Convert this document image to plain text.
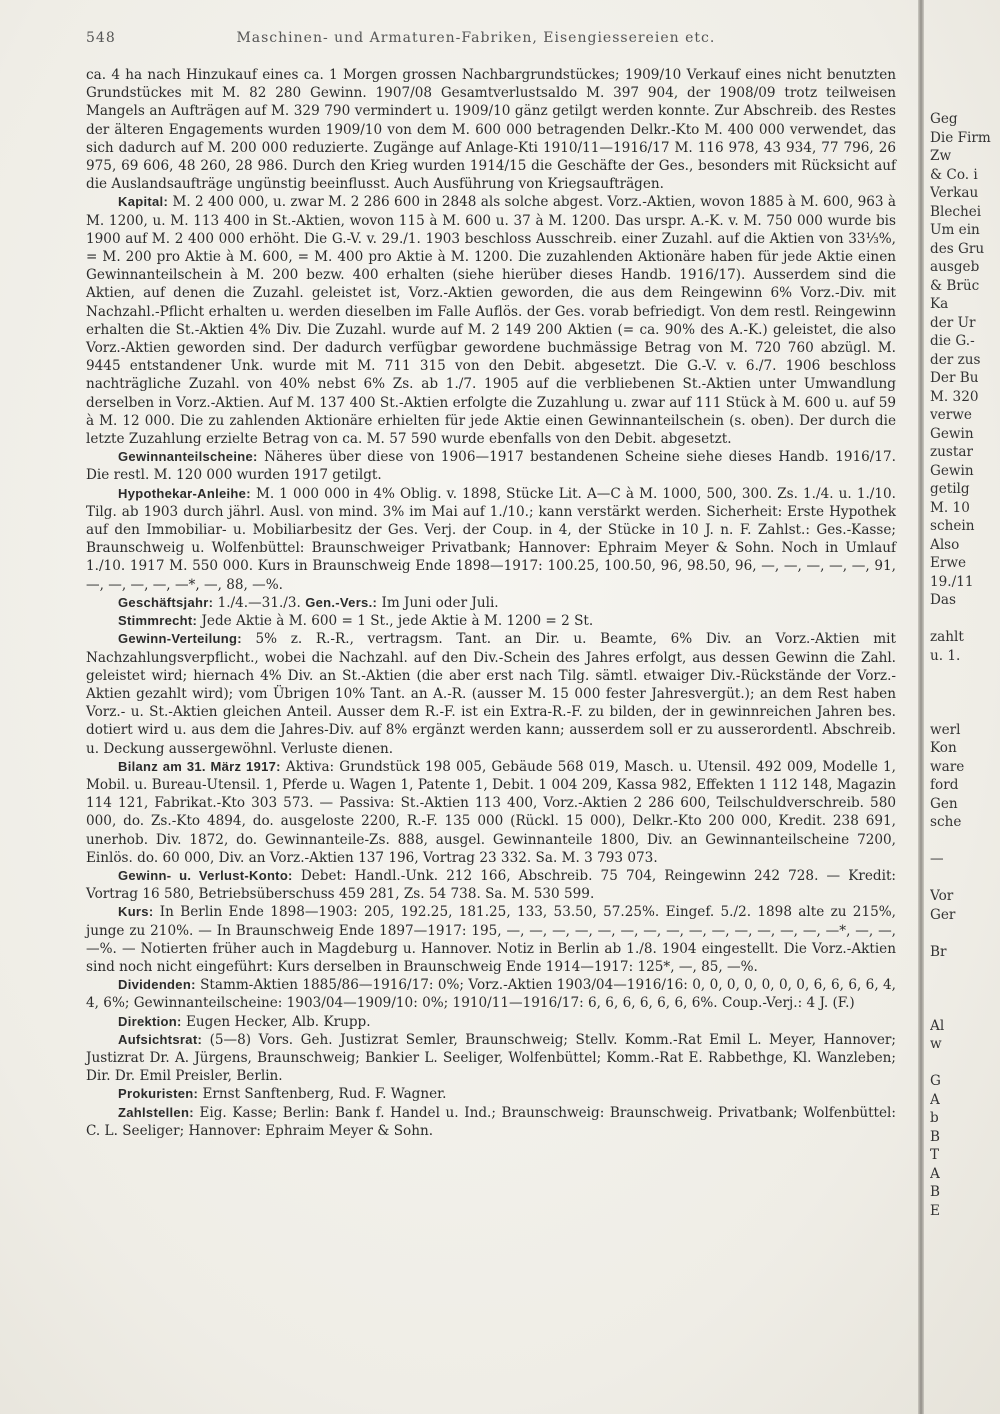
548	Maschinen- und Armaturen-Fabriken, Eisengiessereien etc.

ca. 4 ha nach Hinzukauf eines ca. 1 Morgen grossen Nachbargrundstückes; 1909/10 Verkauf eines nicht benutzten Grundstückes mit M. 82 280 Gewinn. 1907/08 Gesamtverlustsaldo M. 397 904, der 1908/09 trotz teilweisen Mangels an Aufträgen auf M. 329 790 vermindert u. 1909/10 gänz getilgt werden konnte. Zur Abschreib. des Restes der älteren Engagements wurden 1909/10 von dem M. 600 000 betragenden Delkr.-Kto M. 400 000 verwendet, das sich dadurch auf M. 200 000 reduzierte. Zugänge auf Anlage-Kti 1910/11—1916/17 M. 116 978, 43 934, 77 796, 26 975, 69 606, 48 260, 28 986. Durch den Krieg wurden 1914/15 die Geschäfte der Ges., besonders mit Rücksicht auf die Auslandsaufträge ungünstig beeinflusst. Auch Ausführung von Kriegsaufträgen.

Kapital: M. 2 400 000, u. zwar M. 2 286 600 in 2848 als solche abgest. Vorz.-Aktien, wovon 1885 à M. 600, 963 à M. 1200, u. M. 113 400 in St.-Aktien, wovon 115 à M. 600 u. 37 à M. 1200. Das urspr. A.-K. v. M. 750 000 wurde bis 1900 auf M. 2 400 000 erhöht. Die G.-V. v. 29./1. 1903 beschloss Ausschreib. einer Zuzahl. auf die Aktien von 33⅓%, = M. 200 pro Aktie à M. 600, = M. 400 pro Aktie à M. 1200. Die zuzahlenden Aktionäre haben für jede Aktie einen Gewinnanteilschein à M. 200 bezw. 400 erhalten (siehe hierüber dieses Handb. 1916/17). Ausserdem sind die Aktien, auf denen die Zuzahl. geleistet ist, Vorz.-Aktien geworden, die aus dem Reingewinn 6% Vorz.-Div. mit Nachzahl.-Pflicht erhalten u. werden dieselben im Falle Auflös. der Ges. vorab befriedigt. Von dem restl. Reingewinn erhalten die St.-Aktien 4% Div. Die Zuzahl. wurde auf M. 2 149 200 Aktien (= ca. 90% des A.-K.) geleistet, die also Vorz.-Aktien geworden sind. Der dadurch verfügbar gewordene buchmässige Betrag von M. 720 760 abzügl. M. 9445 entstandener Unk. wurde mit M. 711 315 von den Debit. abgesetzt. Die G.-V. v. 6./7. 1906 beschloss nachträgliche Zuzahl. von 40% nebst 6% Zs. ab 1./7. 1905 auf die verbliebenen St.-Aktien unter Umwandlung derselben in Vorz.-Aktien. Auf M. 137 400 St.-Aktien erfolgte die Zuzahlung u. zwar auf 111 Stück à M. 600 u. auf 59 à M. 12 000. Die zu zahlenden Aktionäre erhielten für jede Aktie einen Gewinnanteilschein (s. oben). Der durch die letzte Zuzahlung erzielte Betrag von ca. M. 57 590 wurde ebenfalls von den Debit. abgesetzt.

Gewinnanteilscheine: Näheres über diese von 1906—1917 bestandenen Scheine siehe dieses Handb. 1916/17. Die restl. M. 120 000 wurden 1917 getilgt.

Hypothekar-Anleihe: M. 1 000 000 in 4% Oblig. v. 1898, Stücke Lit. A—C à M. 1000, 500, 300. Zs. 1./4. u. 1./10. Tilg. ab 1903 durch jährl. Ausl. von mind. 3% im Mai auf 1./10.; kann verstärkt werden. Sicherheit: Erste Hypothek auf den Immobiliar- u. Mobiliarbesitz der Ges. Verj. der Coup. in 4, der Stücke in 10 J. n. F. Zahlst.: Ges.-Kasse; Braunschweig u. Wolfenbüttel: Braunschweiger Privatbank; Hannover: Ephraim Meyer & Sohn. Noch in Umlauf 1./10. 1917 M. 550 000. Kurs in Braunschweig Ende 1898—1917: 100.25, 100.50, 96, 98.50, 96, —, —, —, —, —, 91, —, —, —, —, —*, —, 88, —%.

Geschäftsjahr: 1./4.—31./3. Gen.-Vers.: Im Juni oder Juli.

Stimmrecht: Jede Aktie à M. 600 = 1 St., jede Aktie à M. 1200 = 2 St.

Gewinn-Verteilung: 5% z. R.-R., vertragsm. Tant. an Dir. u. Beamte, 6% Div. an Vorz.-Aktien mit Nachzahlungsverpflicht., wobei die Nachzahl. auf den Div.-Schein des Jahres erfolgt, aus dessen Gewinn die Zahl. geleistet wird; hiernach 4% Div. an St.-Aktien (die aber erst nach Tilg. sämtl. etwaiger Div.-Rückstände der Vorz.-Aktien gezahlt wird); vom Übrigen 10% Tant. an A.-R. (ausser M. 15 000 fester Jahresvergüt.); an dem Rest haben Vorz.- u. St.-Aktien gleichen Anteil. Ausser dem R.-F. ist ein Extra-R.-F. zu bilden, der in gewinnreichen Jahren bes. dotiert wird u. aus dem die Jahres-Div. auf 8% ergänzt werden kann; ausserdem soll er zu ausserordentl. Abschreib. u. Deckung aussergewöhnl. Verluste dienen.

Bilanz am 31. März 1917: Aktiva: Grundstück 198 005, Gebäude 568 019, Masch. u. Utensil. 492 009, Modelle 1, Mobil. u. Bureau-Utensil. 1, Pferde u. Wagen 1, Patente 1, Debit. 1 004 209, Kassa 982, Effekten 1 112 148, Magazin 114 121, Fabrikat.-Kto 303 573. — Passiva: St.-Aktien 113 400, Vorz.-Aktien 2 286 600, Teilschuldverschreib. 580 000, do. Zs.-Kto 4894, do. ausgeloste 2200, R.-F. 135 000 (Rückl. 15 000), Delkr.-Kto 200 000, Kredit. 238 691, unerhob. Div. 1872, do. Gewinnanteile-Zs. 888, ausgel. Gewinnanteile 1800, Div. an Gewinnanteilscheine 7200, Einlös. do. 60 000, Div. an Vorz.-Aktien 137 196, Vortrag 23 332. Sa. M. 3 793 073.

Gewinn- u. Verlust-Konto: Debet: Handl.-Unk. 212 166, Abschreib. 75 704, Reingewinn 242 728. — Kredit: Vortrag 16 580, Betriebsüberschuss 459 281, Zs. 54 738. Sa. M. 530 599.

Kurs: In Berlin Ende 1898—1903: 205, 192.25, 181.25, 133, 53.50, 57.25%. Eingef. 5./2. 1898 alte zu 215%, junge zu 210%. — In Braunschweig Ende 1897—1917: 195, —, —, —, —, —, —, —, —, —, —, —, —, —, —, —*, —, —, —%. — Notierten früher auch in Magdeburg u. Hannover. Notiz in Berlin ab 1./8. 1904 eingestellt. Die Vorz.-Aktien sind noch nicht eingeführt: Kurs derselben in Braunschweig Ende 1914—1917: 125*, —, 85, —%.

Dividenden: Stamm-Aktien 1885/86—1916/17: 0%; Vorz.-Aktien 1903/04—1916/16: 0, 0, 0, 0, 0, 0, 0, 6, 6, 6, 6, 4, 4, 6%; Gewinnanteilscheine: 1903/04—1909/10: 0%; 1910/11—1916/17: 6, 6, 6, 6, 6, 6, 6%. Coup.-Verj.: 4 J. (F.)

Direktion: Eugen Hecker, Alb. Krupp.

Aufsichtsrat: (5—8) Vors. Geh. Justizrat Semler, Braunschweig; Stellv. Komm.-Rat Emil L. Meyer, Hannover; Justizrat Dr. A. Jürgens, Braunschweig; Bankier L. Seeliger, Wolfenbüttel; Komm.-Rat E. Rabbethge, Kl. Wanzleben; Dir. Dr. Emil Preisler, Berlin.

Prokuristen: Ernst Sanftenberg, Rud. F. Wagner.

Zahlstellen: Eig. Kasse; Berlin: Bank f. Handel u. Ind.; Braunschweig: Braunschweig. Privatbank; Wolfenbüttel: C. L. Seeliger; Hannover: Ephraim Meyer & Sohn.

Geg
Die Firm
Zw
& Co. i
Verkau
Blechei
Um ein
des Gru
ausgeb
& Brüc
Ka
der Ur
die G.-
der zus
Der Bu
M. 320
verwe
Gewin
zustar
Gewin
getilg
M. 10
schein
Also
Erwe
19./11
Das
zahlt
u. 1.
werl
Kon
ware
ford
Gen
sche
—
Vor
Ger
Br
Al
w
G
A
b
B
T
A
B
E
